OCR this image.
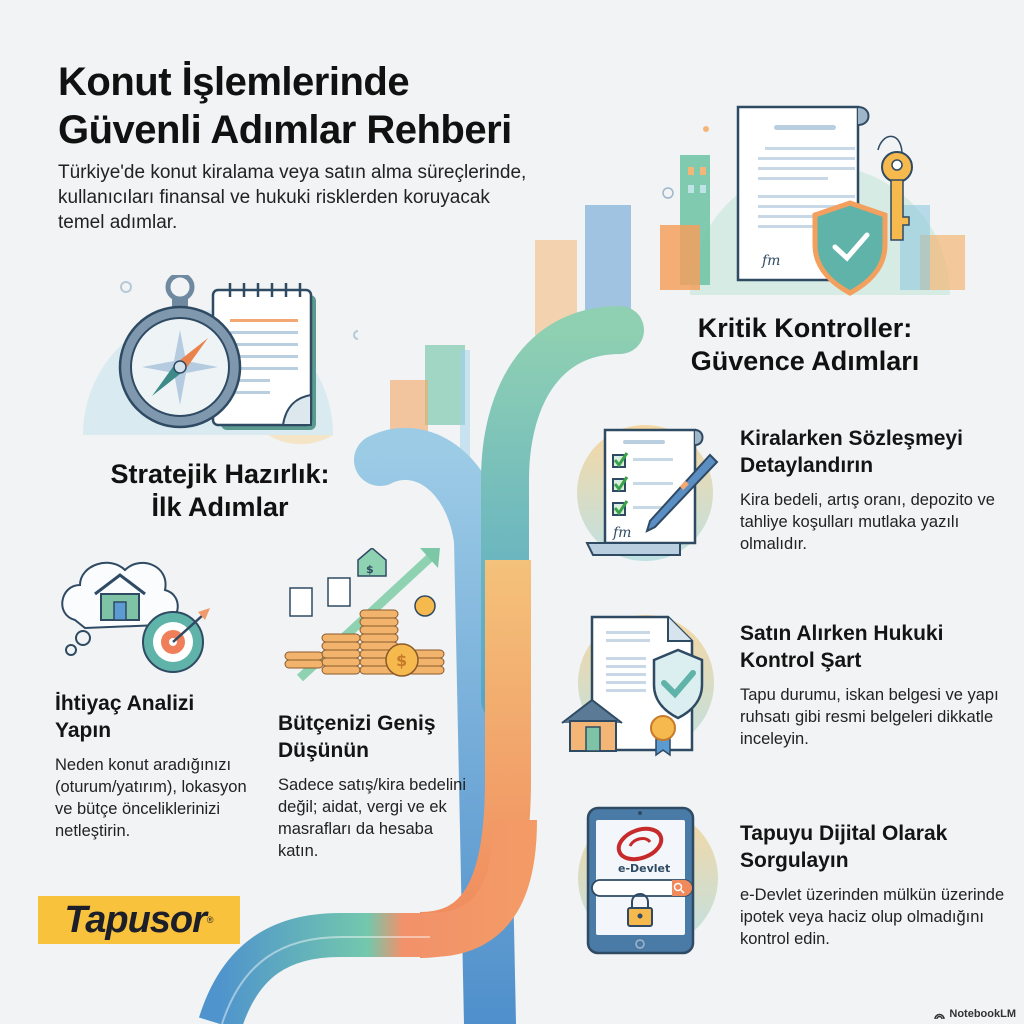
Konut İşlemlerinde
Güvenli Adımlar Rehberi
Türkiye'de konut kiralama veya satın alma süreçlerinde, kullanıcıları finansal ve hukuki risklerden koruyacak temel adımlar.
fm
Stratejik Hazırlık:
İlk Adımlar
$
$
İhtiyaç Analizi Yapın
Neden konut aradığınızı (oturum/yatırım), lokasyon ve bütçe önceliklerinizi netleştirin.
Bütçenizi Geniş Düşünün
Sadece satış/kira bedelini değil; aidat, vergi ve ek masrafları da hesaba katın.
Tapusor ®
Kritik Kontroller:
Güvence Adımları
fm
e-Devlet
Kiralarken Sözleşmeyi Detaylandırın
Kira bedeli, artış oranı, depozito ve tahliye koşulları mutlaka yazılı olmalıdır.
Satın Alırken Hukuki Kontrol Şart
Tapu durumu, iskan belgesi ve yapı ruhsatı gibi resmi belgeleri dikkatle inceleyin.
Tapuyu Dijital Olarak Sorgulayın
e-Devlet üzerinden mülkün üzerinde ipotek veya haciz olup olmadığını kontrol edin.
NotebookLM
